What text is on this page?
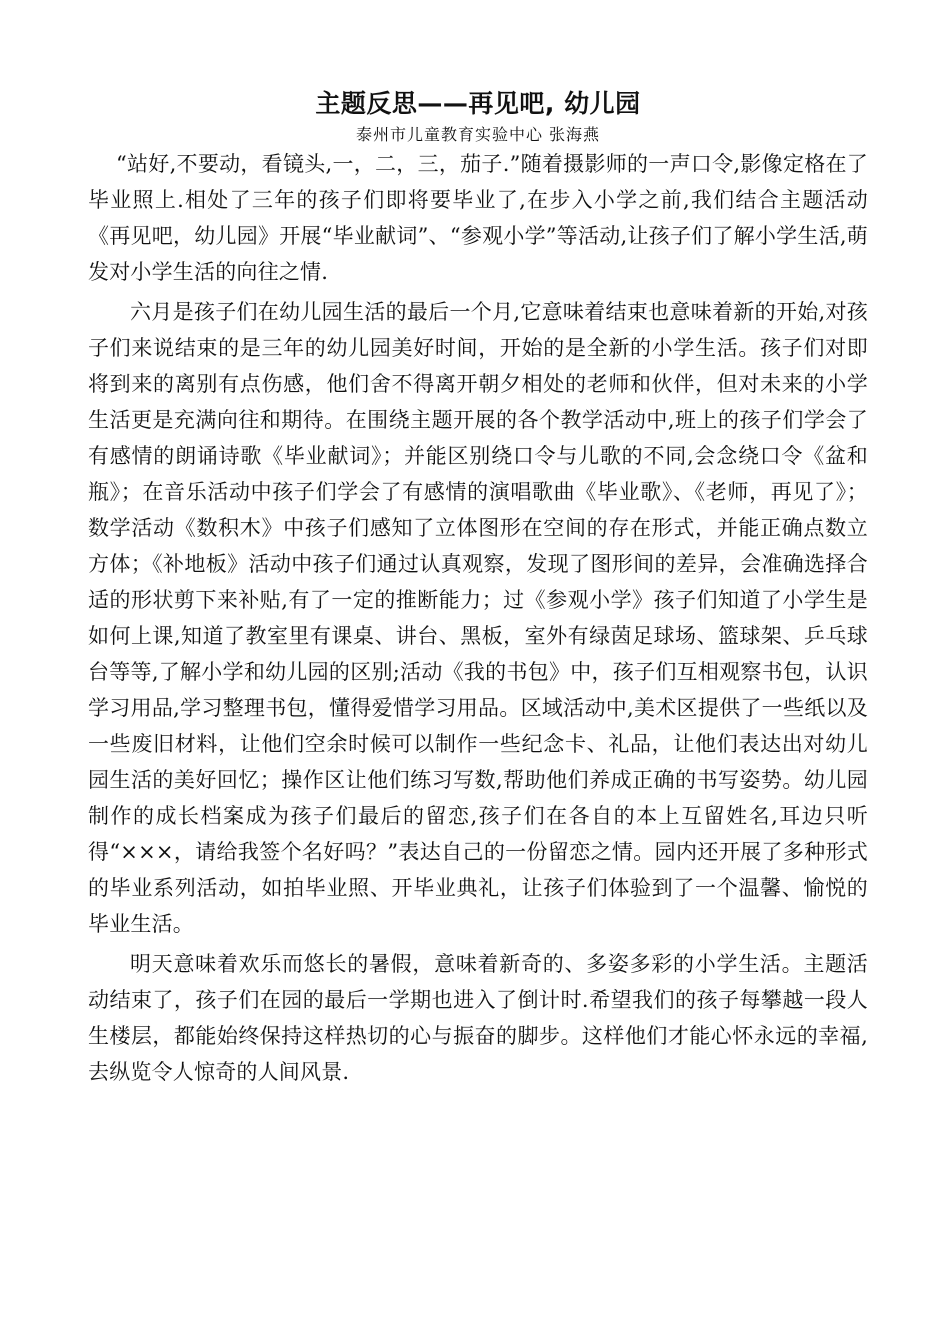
主题反思——再见吧, 幼儿园

泰州市儿童教育实验中心 张海燕

“站好,不要动，看镜头,一，二，三，茄子.”随着摄影师的一声口令,影像定格在了毕业照上.相处了三年的孩子们即将要毕业了,在步入小学之前,我们结合主题活动《再见吧，幼儿园》开展“毕业献词”、“参观小学”等活动,让孩子们了解小学生活,萌发对小学生活的向往之情.

六月是孩子们在幼儿园生活的最后一个月,它意味着结束也意味着新的开始,对孩子们来说结束的是三年的幼儿园美好时间，开始的是全新的小学生活。孩子们对即将到来的离别有点伤感，他们舍不得离开朝夕相处的老师和伙伴，但对未来的小学生活更是充满向往和期待。在围绕主题开展的各个教学活动中,班上的孩子们学会了有感情的朗诵诗歌《毕业献词》；并能区别绕口令与儿歌的不同,会念绕口令《盆和瓶》；在音乐活动中孩子们学会了有感情的演唱歌曲《毕业歌》、《老师，再见了》；数学活动《数积木》中孩子们感知了立体图形在空间的存在形式，并能正确点数立方体；《补地板》活动中孩子们通过认真观察，发现了图形间的差异，会准确选择合适的形状剪下来补贴,有了一定的推断能力；过《参观小学》孩子们知道了小学生是如何上课,知道了教室里有课桌、讲台、黑板，室外有绿茵足球场、篮球架、乒乓球台等等,了解小学和幼儿园的区别;活动《我的书包》中，孩子们互相观察书包，认识学习用品,学习整理书包，懂得爱惜学习用品。区域活动中,美术区提供了一些纸以及一些废旧材料，让他们空余时候可以制作一些纪念卡、礼品，让他们表达出对幼儿园生活的美好回忆；操作区让他们练习写数,帮助他们养成正确的书写姿势。幼儿园制作的成长档案成为孩子们最后的留恋,孩子们在各自的本上互留姓名,耳边只听得“×××，请给我签个名好吗？”表达自己的一份留恋之情。园内还开展了多种形式的毕业系列活动，如拍毕业照、开毕业典礼，让孩子们体验到了一个温馨、愉悦的毕业生活。

明天意味着欢乐而悠长的暑假，意味着新奇的、多姿多彩的小学生活。主题活动结束了，孩子们在园的最后一学期也进入了倒计时.希望我们的孩子每攀越一段人生楼层，都能始终保持这样热切的心与振奋的脚步。这样他们才能心怀永远的幸福,去纵览令人惊奇的人间风景.
